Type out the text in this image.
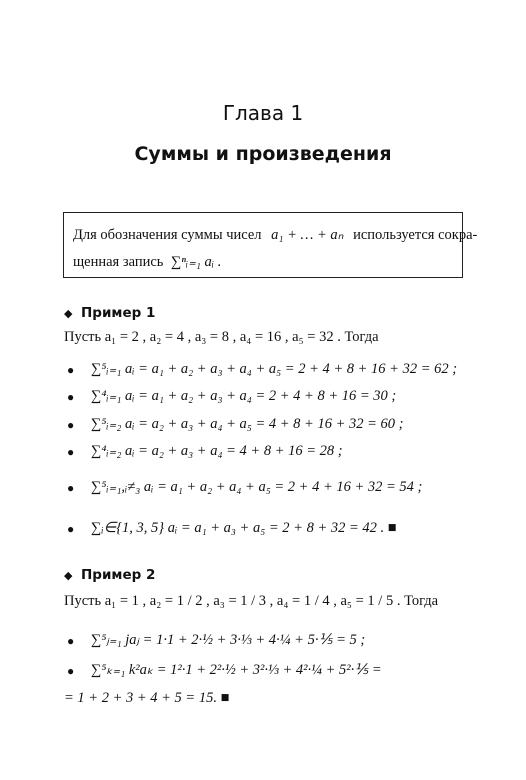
Глава 1
Суммы и произведения
Для обозначения суммы чисел a₁ + … + aₙ используется сокра-
щенная запись ∑ⁿᵢ₌₁ aᵢ .
◆ Пример 1
Пусть a₁ = 2 , a₂ = 4 , a₃ = 8 , a₄ = 16 , a₅ = 32 . Тогда
● ∑⁵ᵢ₌₁ aᵢ = a₁ + a₂ + a₃ + a₄ + a₅ = 2 + 4 + 8 + 16 + 32 = 62 ;
● ∑⁴ᵢ₌₁ aᵢ = a₁ + a₂ + a₃ + a₄ = 2 + 4 + 8 + 16 = 30 ;
● ∑⁵ᵢ₌₂ aᵢ = a₂ + a₃ + a₄ + a₅ = 4 + 8 + 16 + 32 = 60 ;
● ∑⁴ᵢ₌₂ aᵢ = a₂ + a₃ + a₄ = 4 + 8 + 16 = 28 ;
● ∑⁵ᵢ₌₁,ᵢ≠₃ aᵢ = a₁ + a₂ + a₄ + a₅ = 2 + 4 + 16 + 32 = 54 ;
● ∑ᵢ∈{1, 3, 5} aᵢ = a₁ + a₃ + a₅ = 2 + 8 + 32 = 42 . ■
◆ Пример 2
Пусть a₁ = 1 , a₂ = 1 / 2 , a₃ = 1 / 3 , a₄ = 1 / 4 , a₅ = 1 / 5 . Тогда
● ∑⁵ⱼ₌₁ jaⱼ = 1·1 + 2·½ + 3·⅓ + 4·¼ + 5·⅕ = 5 ;
● ∑⁵ₖ₌₁ k²aₖ = 1²·1 + 2²·½ + 3²·⅓ + 4²·¼ + 5²·⅕ =
= 1 + 2 + 3 + 4 + 5 = 15. ■
